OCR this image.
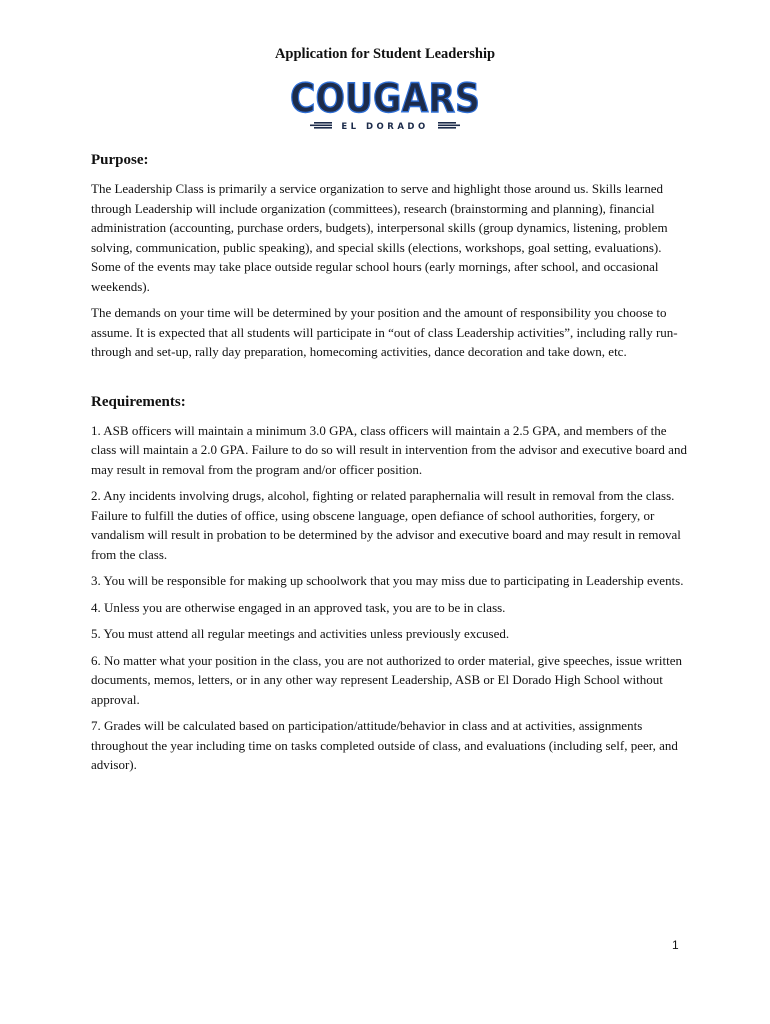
Application for Student Leadership
COUGARS
EL DORADO
Purpose:

The Leadership Class is primarily a service organization to serve and highlight those around us. Skills learned through Leadership will include organization (committees), research (brainstorming and planning), financial administration (accounting, purchase orders, budgets), interpersonal skills (group dynamics, listening, problem solving, communication, public speaking), and special skills (elections, workshops, goal setting, evaluations). Some of the events may take place outside regular school hours (early mornings, after school, and occasional weekends).

The demands on your time will be determined by your position and the amount of responsibility you choose to assume. It is expected that all students will participate in “out of class Leadership activities”, including rally run-through and set-up, rally day preparation, homecoming activities, dance decoration and take down, etc.

Requirements:

1. ASB officers will maintain a minimum 3.0 GPA, class officers will maintain a 2.5 GPA, and members of the class will maintain a 2.0 GPA. Failure to do so will result in intervention from the advisor and executive board and may result in removal from the program and/or officer position.

2. Any incidents involving drugs, alcohol, fighting or related paraphernalia will result in removal from the class. Failure to fulfill the duties of office, using obscene language, open defiance of school authorities, forgery, or vandalism will result in probation to be determined by the advisor and executive board and may result in removal from the class.

3. You will be responsible for making up schoolwork that you may miss due to participating in Leadership events.

4. Unless you are otherwise engaged in an approved task, you are to be in class.

5. You must attend all regular meetings and activities unless previously excused.

6. No matter what your position in the class, you are not authorized to order material, give speeches, issue written documents, memos, letters, or in any other way represent Leadership, ASB or El Dorado High School without approval.

7. Grades will be calculated based on participation/attitude/behavior in class and at activities, assignments throughout the year including time on tasks completed outside of class, and evaluations (including self, peer, and advisor).

1
